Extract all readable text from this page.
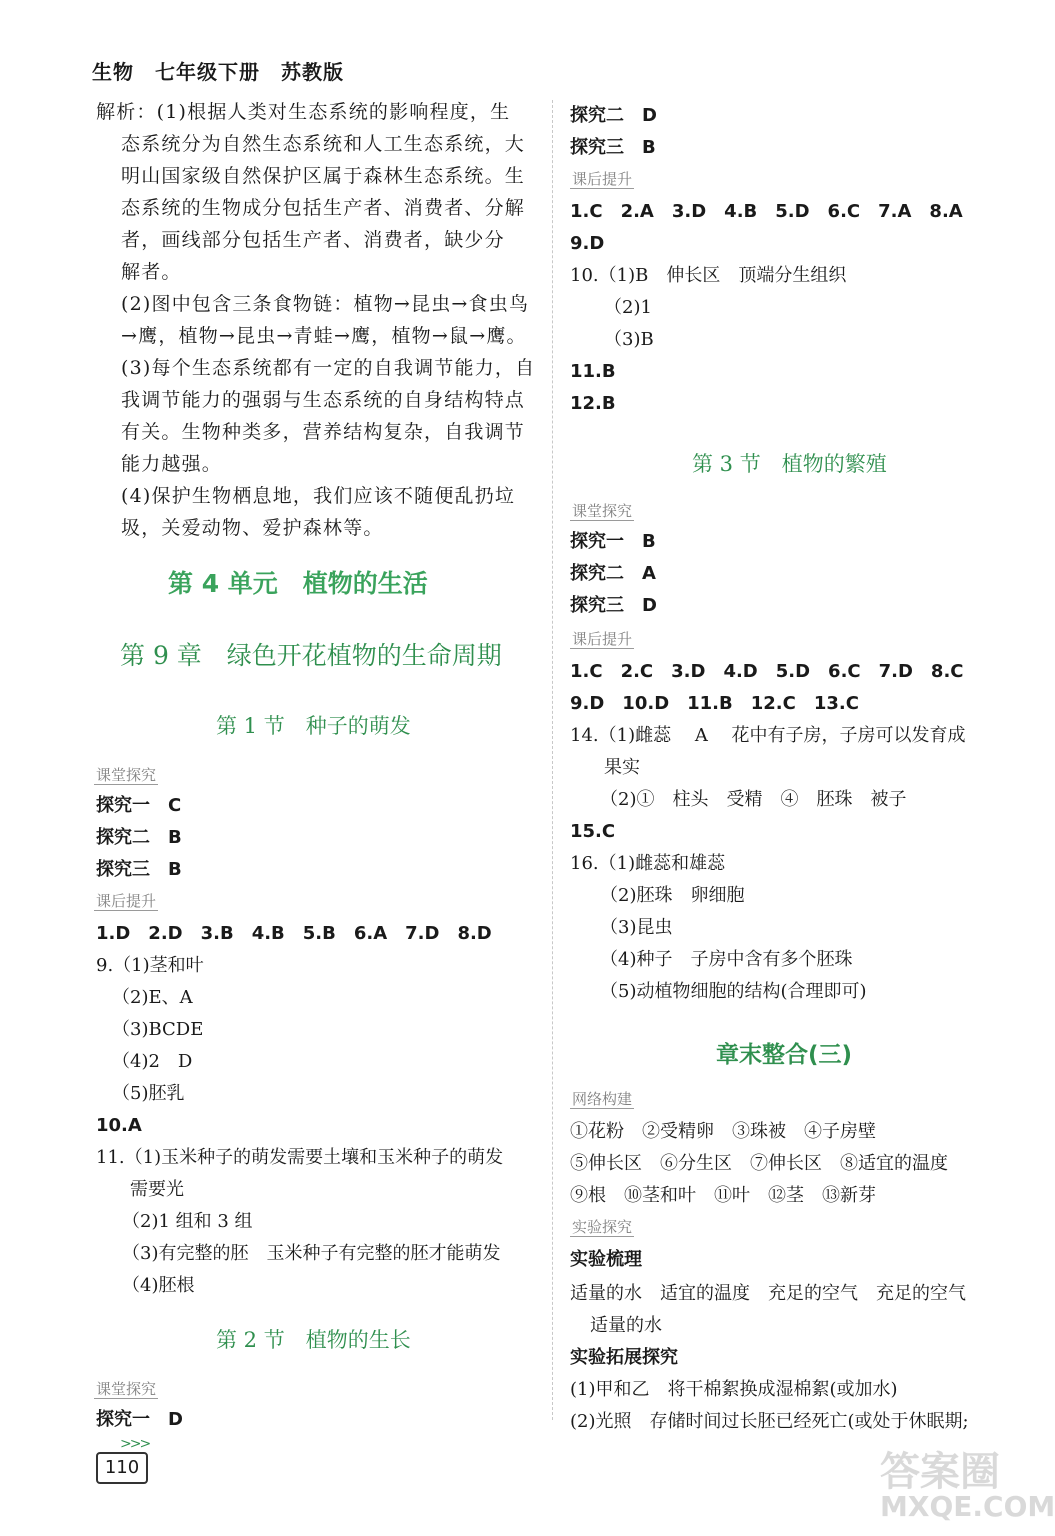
生物　七年级下册　苏教版
解析：(1)根据人类对生态系统的影响程度，生
态系统分为自然生态系统和人工生态系统，大
明山国家级自然保护区属于森林生态系统。生
态系统的生物成分包括生产者、消费者、分解
者，画线部分包括生产者、消费者，缺少分
解者。
(2)图中包含三条食物链：植物→昆虫→食虫鸟
→鹰，植物→昆虫→青蛙→鹰，植物→鼠→鹰。
(3)每个生态系统都有一定的自我调节能力，自
我调节能力的强弱与生态系统的自身结构特点
有关。生物种类多，营养结构复杂，自我调节
能力越强。
(4)保护生物栖息地，我们应该不随便乱扔垃
圾，关爱动物、爱护森林等。
第 4 单元　植物的生活
第 9 章　绿色开花植物的生命周期
第 1 节　种子的萌发
课堂探究
探究一　C
探究二　B
探究三　B
课后提升
1.D　2.D　3.B　4.B　5.B　6.A　7.D　8.D
9.（1)茎和叶
（2)E、A
（3)BCDE
（4)2　D
（5)胚乳
10.A
11.（1)玉米种子的萌发需要土壤和玉米种子的萌发
需要光
（2)1 组和 3 组
（3)有完整的胚　玉米种子有完整的胚才能萌发
（4)胚根
第 2 节　植物的生长
课堂探究
探究一　D
>>>
110
探究二　D
探究三　B
课后提升
1.C　2.A　3.D　4.B　5.D　6.C　7.A　8.A
9.D
10.（1)B　伸长区　顶端分生组织
（2)1
（3)B
11.B
12.B
第 3 节　植物的繁殖
课堂探究
探究一　B
探究二　A
探究三　D
课后提升
1.C　2.C　3.D　4.D　5.D　6.C　7.D　8.C
9.D　10.D　11.B　12.C　13.C
14.（1)雌蕊　 A　 花中有子房，子房可以发育成
果实
（2)①　柱头　受精　④　胚珠　被子
15.C
16.（1)雌蕊和雄蕊
（2)胚珠　卵细胞
（3)昆虫
（4)种子　子房中含有多个胚珠
（5)动植物细胞的结构(合理即可)
章末整合(三)
网络构建
①花粉　②受精卵　③珠被　④子房壁
⑤伸长区　⑥分生区　⑦伸长区　⑧适宜的温度
⑨根　⑩茎和叶　⑪叶　⑫茎　⑬新芽
实验探究
实验梳理
适量的水　适宜的温度　充足的空气　充足的空气
适量的水
实验拓展探究
(1)甲和乙　将干棉絮换成湿棉絮(或加水)
(2)光照　存储时间过长胚已经死亡(或处于休眠期;
答案圈
MXQE.COM
